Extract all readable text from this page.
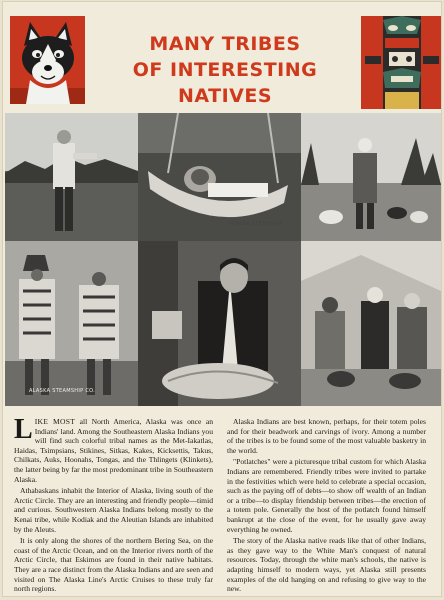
MANY TRIBES
OF INTERESTING NATIVES
ALASKA STEAMSHIP
ALASKA STEAMSHIP CO.

LIKE MOST all North America, Alaska was once an Indians' land. Among the Southeastern Alaska Indians you will find such colorful tribal names as the Met-Iakatlas, Haidas, Tsimpsians, Stikines, Sitkas, Kakes, Kicksettis, Takus, Chilkats, Auks, Hoonahs, Tongas, and the Thlingets (Klinkets), the latter being by far the most predominant tribe in Southeastern Alaska.

Athabaskans inhabit the Interior of Alaska, living south of the Arctic Circle. They are an interesting and friendly people—timid and curious. Southwestern Alaska Indians belong mostly to the Kenai tribe, while Kodiak and the Aleutian Islands are inhabited by the Aleuts.

It is only along the shores of the northern Bering Sea, on the coast of the Arctic Ocean, and on the Interior rivers north of the Arctic Circle, that Eskimos are found in their native habitats. They are a race distinct from the Alaska Indians and are seen and visited on The Alaska Line's Arctic Cruises to these truly far north regions.

Alaska Indians are best known, perhaps, for their totem poles and for their beadwork and carvings of ivory. Among a number of the tribes is to be found some of the most valuable basketry in the world.

"Potlatches" were a picturesque tribal custom for which Alaska Indians are remembered. Friendly tribes were invited to partake in the festivities which were held to celebrate a special occasion, such as the paying off of debts—to show off wealth of an Indian or a tribe—to display friendship between tribes—the erection of a totem pole. Generally the host of the potlatch found himself bankrupt at the close of the event, for he usually gave away everything he owned.

The story of the Alaska native reads like that of other Indians, as they gave way to the White Man's conquest of natural resources. Today, through the white man's schools, the native is adapting himself to modern ways, yet Alaska still presents examples of the old hanging on and refusing to give way to the new.
